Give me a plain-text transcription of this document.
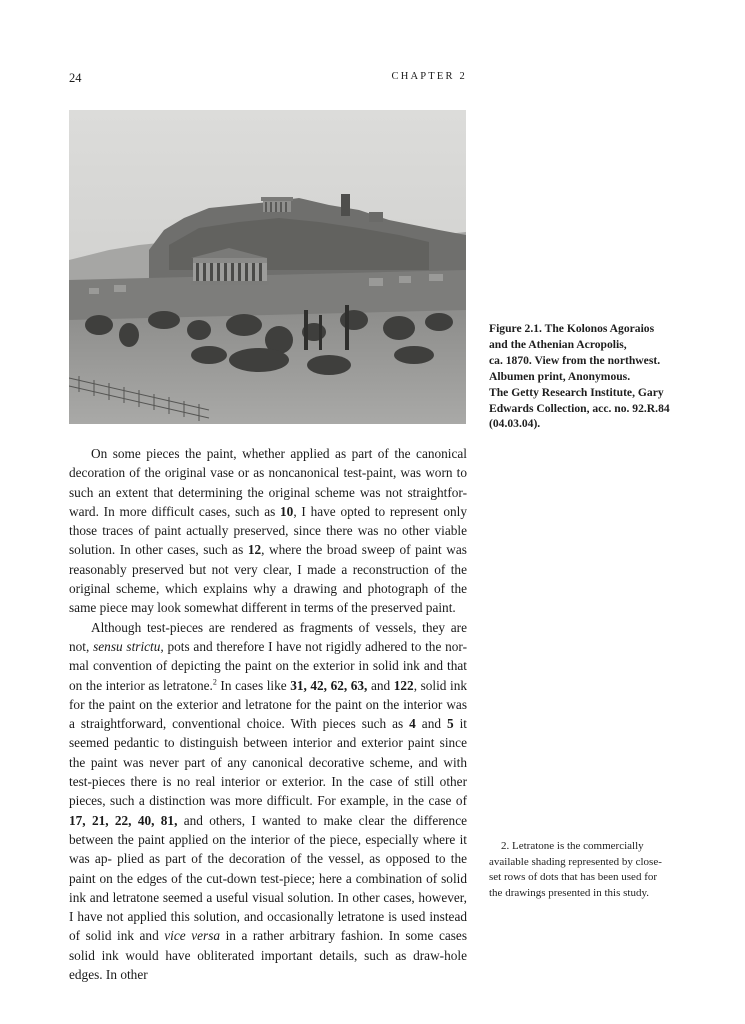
24	CHAPTER 2
Figure 2.1. The Kolonos Agoraios
and the Athenian Acropolis,
ca. 1870. View from the northwest.
Albumen print, Anonymous.
The Getty Research Institute, Gary
Edwards Collection, acc. no. 92.R.84
(04.03.04).

On some pieces the paint, whether applied as part of the canonical decoration of the original vase or as noncanonical test-paint, was worn to such an extent that determining the original scheme was not straightfor- ward. In more difficult cases, such as 10, I have opted to represent only those traces of paint actually preserved, since there was no other viable solution. In other cases, such as 12, where the broad sweep of paint was reasonably preserved but not very clear, I made a reconstruction of the original scheme, which explains why a drawing and photograph of the same piece may look somewhat different in terms of the preserved paint.

Although test-pieces are rendered as fragments of vessels, they are not, sensu strictu, pots and therefore I have not rigidly adhered to the nor- mal convention of depicting the paint on the exterior in solid ink and that on the interior as letratone.$^2$ In cases like 31, 42, 62, 63, and 122, solid ink for the paint on the exterior and letratone for the paint on the interior was a straightforward, conventional choice. With pieces such as 4 and 5 it seemed pedantic to distinguish between interior and exterior paint since the paint was never part of any canonical decorative scheme, and with test-pieces there is no real interior or exterior. In the case of still other pieces, such a distinction was more difficult. For example, in the case of 17, 21, 22, 40, 81, and others, I wanted to make clear the difference between the paint applied on the interior of the piece, especially where it was ap- plied as part of the decoration of the vessel, as opposed to the paint on the edges of the cut-down test-piece; here a combination of solid ink and letratone seemed a useful visual solution. In other cases, however, I have not applied this solution, and occasionally letratone is used instead of solid ink and vice versa in a rather arbitrary fashion. In some cases solid ink would have obliterated important details, such as draw-hole edges. In other

2. Letratone is the commercially
available shading represented by close-
set rows of dots that has been used for
the drawings presented in this study.
